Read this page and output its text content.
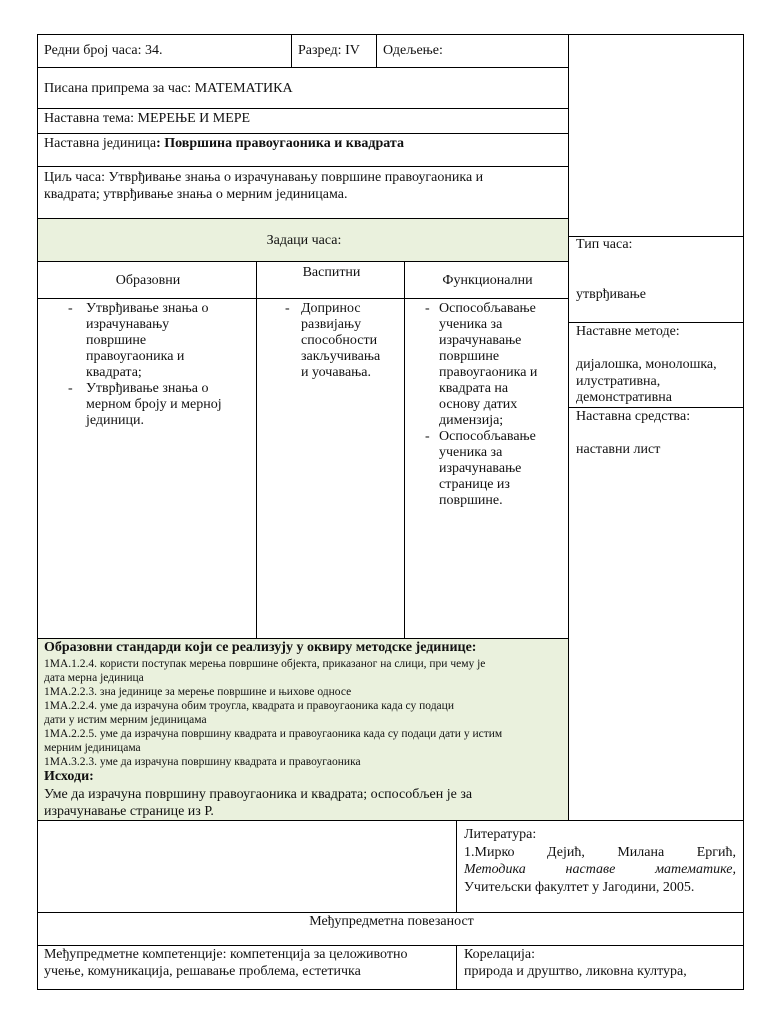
Редни број часа: 34.	Разред: IV Одељење:
Писана припрема за час: МАТЕМАТИКА
Наставна тема: МЕРЕЊЕ И МЕРЕ
Наставна јединица: Површина правоугаоника и квадрата
Циљ часа: Утврђивање знања о израчунавању површине правоугаоника и
квадрата; утврђивање знања о мерним јединицама.
Задаци часа:
Образовни
Васпитни
Функционални
- Утврђивање знања о
израчунавању
површине
правоугаоника и
квадрата;
- Утврђивање знања о
мерном броју и мерној
јединици.
- Допринос
развијању
способности
закључивања
и уочавања.
- Оспособљавање
ученика за
израчунавање
површине
правоугаоника и
квадрата на
основу датих
димензија;
- Оспособљавање
ученика за
израчунавање
странице из
површине.
Тип часа:
утврђивање
Наставне методе:
дијалошка, монолошка,
илустративна,
демонстративна
Наставна средства:
наставни лист
Образовни стандарди који се реализују у оквиру методске јединице:
1МА.1.2.4. користи поступак мерења површине објекта, приказаног на слици, при чему је
дата мерна јединица
1МА.2.2.3. зна јединице за мерење површине и њихове односе
1МА.2.2.4. уме да израчуна обим троугла, квадрата и правоугаоника када су подаци
дати у истим мерним јединицама
1МА.2.2.5. уме да израчуна површину квадрата и правоугаоника када су подаци дати у истим
мерним јединицама
1МА.3.2.3. уме да израчуна површину квадрата и правоугаоника
Исходи:
Уме да израчуна површину правоугаоника и квадрата; оспособљен је за
израчунавање странице из Р.
Литература:
1.Мирко Дејић, Милана Ергић,
Методика наставе математике,
Учитељски факултет у Јагодини, 2005.
Међупредметна повезаност
Међупредметне компетенције: компетенција за целоживотно
учење, комуникација, решавање проблема, естетичка
Корелација:
природа и друштво, ликовна култура,
